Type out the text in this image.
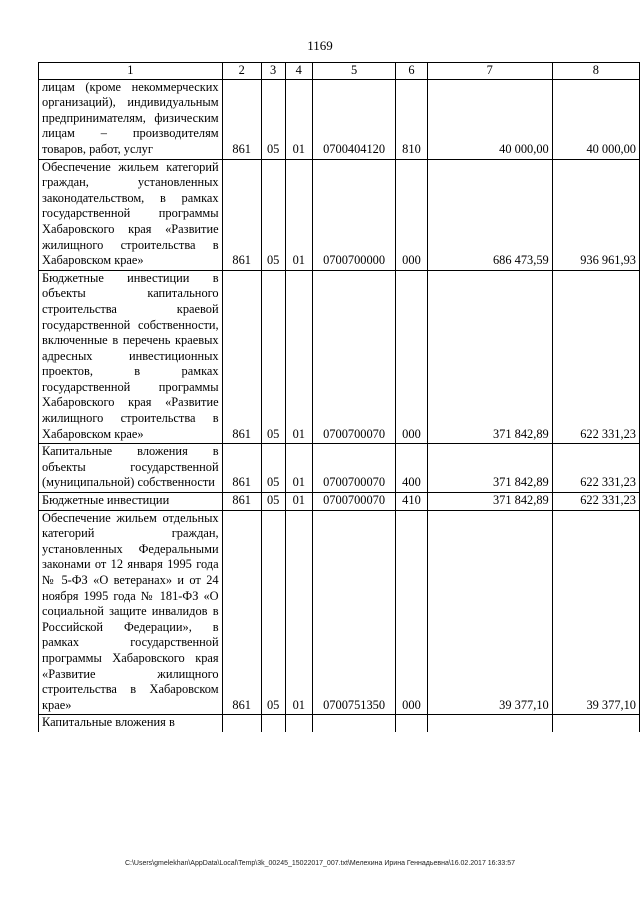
1169
1	2	3	4	5	6	7	8
лицам (кроме некоммерческих организаций), индивидуальным предпринимателям, физическим лицам – производителям товаров, работ, услуг	861	05	01	0700404120	810	40 000,00	40 000,00
Обеспечение жильем категорий граждан, установленных законодательством, в рамках государственной программы Хабаровского края «Развитие жилищного строительства в Хабаровском крае»	861	05	01	0700700000	000	686 473,59	936 961,93
Бюджетные инвестиции в объекты капитального строительства краевой государственной собственности, включенные в перечень краевых адресных инвестиционных проектов, в рамках государственной программы Хабаровского края «Развитие жилищного строительства в Хабаровском крае»	861	05	01	0700700070	000	371 842,89	622 331,23
Капитальные вложения в объекты государственной (муниципальной) собственности	861	05	01	0700700070	400	371 842,89	622 331,23
Бюджетные инвестиции	861	05	01	0700700070	410	371 842,89	622 331,23
Обеспечение жильем отдельных категорий граждан, установленных Федеральными законами от 12 января 1995 года № 5-ФЗ «О ветеранах» и от 24 ноября 1995 года № 181-ФЗ «О социальной защите инвалидов в Российской Федерации», в рамках государственной программы Хабаровского края «Развитие жилищного строительства в Хабаровском крае»	861	05	01	0700751350	000	39 377,10	39 377,10
Капитальные вложения в							
C:\Users\gmelekhan\AppData\Local\Temp\3k_00245_15022017_007.txt\Мелехина Ирина Геннадьевна\16.02.2017 16:33:57
